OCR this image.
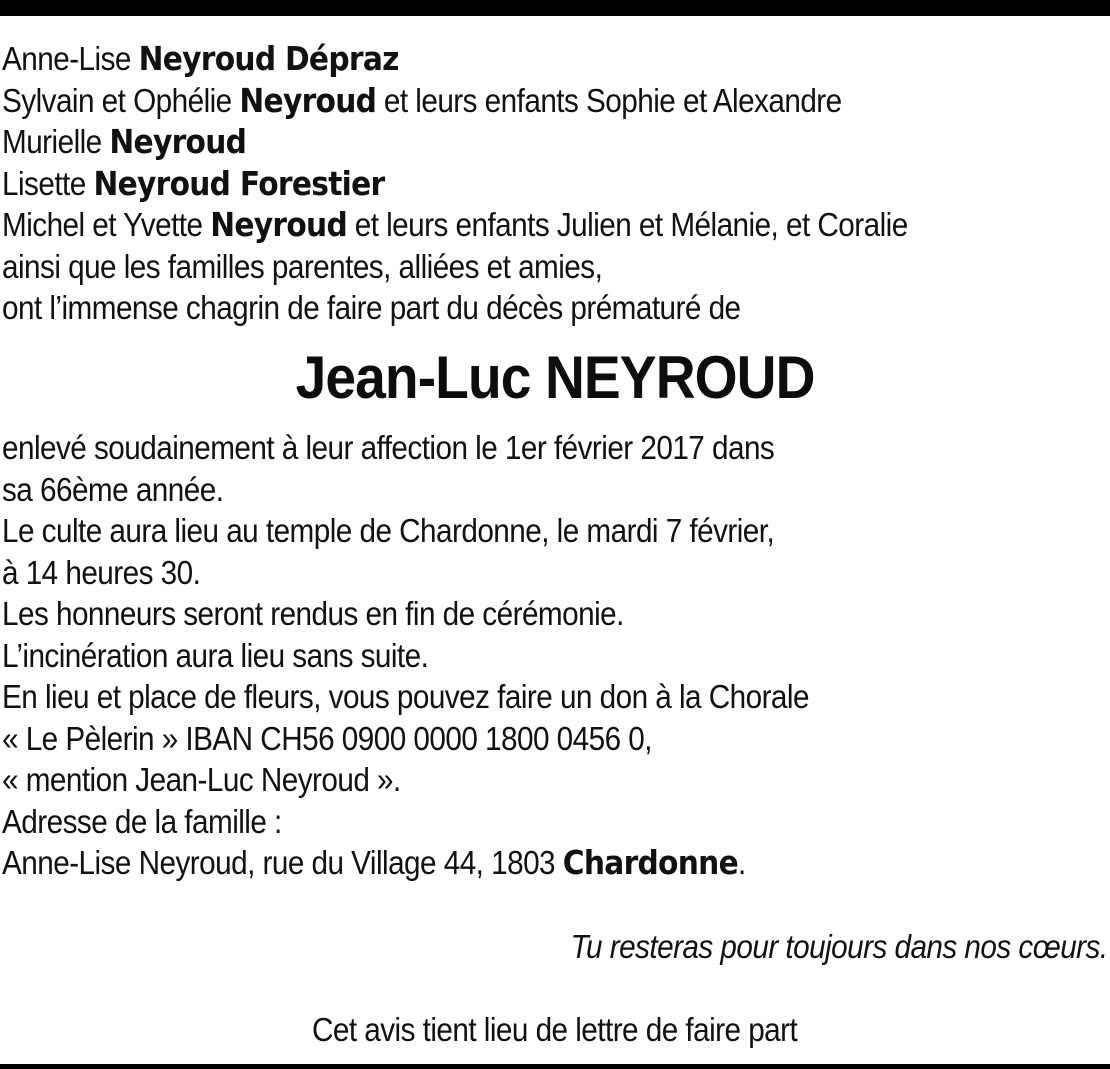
Anne-Lise Neyroud Dépraz
Sylvain et Ophélie Neyroud et leurs enfants Sophie et Alexandre
Murielle Neyroud
Lisette Neyroud Forestier
Michel et Yvette Neyroud et leurs enfants Julien et Mélanie, et Coralie
ainsi que les familles parentes, alliées et amies,
ont l’immense chagrin de faire part du décès prématuré de
Jean-Luc NEYROUD
enlevé soudainement à leur affection le 1er février 2017 dans
sa 66ème année.
Le culte aura lieu au temple de Chardonne, le mardi 7 février,
à 14 heures 30.
Les honneurs seront rendus en fin de cérémonie.
L’incinération aura lieu sans suite.
En lieu et place de fleurs, vous pouvez faire un don à la Chorale
« Le Pèlerin » IBAN CH56 0900 0000 1800 0456 0,
« mention Jean-Luc Neyroud ».
Adresse de la famille :
Anne-Lise Neyroud, rue du Village 44, 1803 Chardonne.
Tu resteras pour toujours dans nos cœurs.
Cet avis tient lieu de lettre de faire part
